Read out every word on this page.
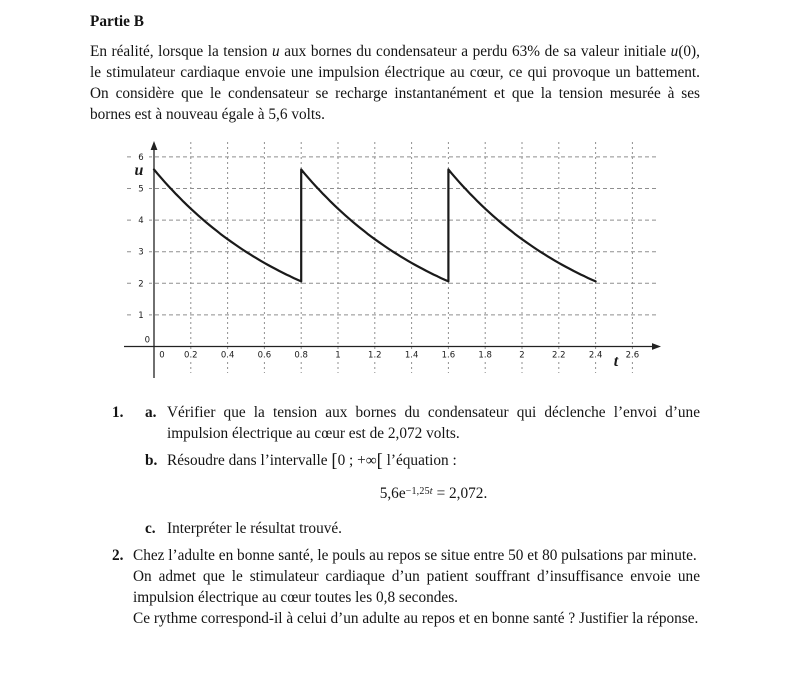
Partie B

En réalité, lorsque la tension u aux bornes du condensateur a perdu 63% de sa valeur initiale u(0), le stimulateur cardiaque envoie une impulsion électrique au cœur, ce qui provoque un battement. On considère que le condensateur se recharge instantanément et que la tension mesurée à ses bornes est à nouveau égale à 5,6 volts.

0 0.2	0.4	0.6	0.8	1	1.2	1.4	1.6	1.8	2	2.2	2.4	2.6
0
1
2
3
4
5
6
u
t
1.	a. Vérifier que la tension aux bornes du condensateur qui déclenche l’envoi d’une impulsion électrique au cœur est de 2,072 volts.
b. Résoudre dans l’intervalle [0 ; +∞[ l’équation :
$5,6e^{-1,25t} = 2,072$.
c. Interpréter le résultat trouvé.
2. Chez l’adulte en bonne santé, le pouls au repos se situe entre 50 et 80 pulsations par minute.

On admet que le stimulateur cardiaque d’un patient souffrant d’insuffisance envoie une impulsion électrique au cœur toutes les 0,8 secondes.

Ce rythme correspond-il à celui d’un adulte au repos et en bonne santé ? Justifier la réponse.
